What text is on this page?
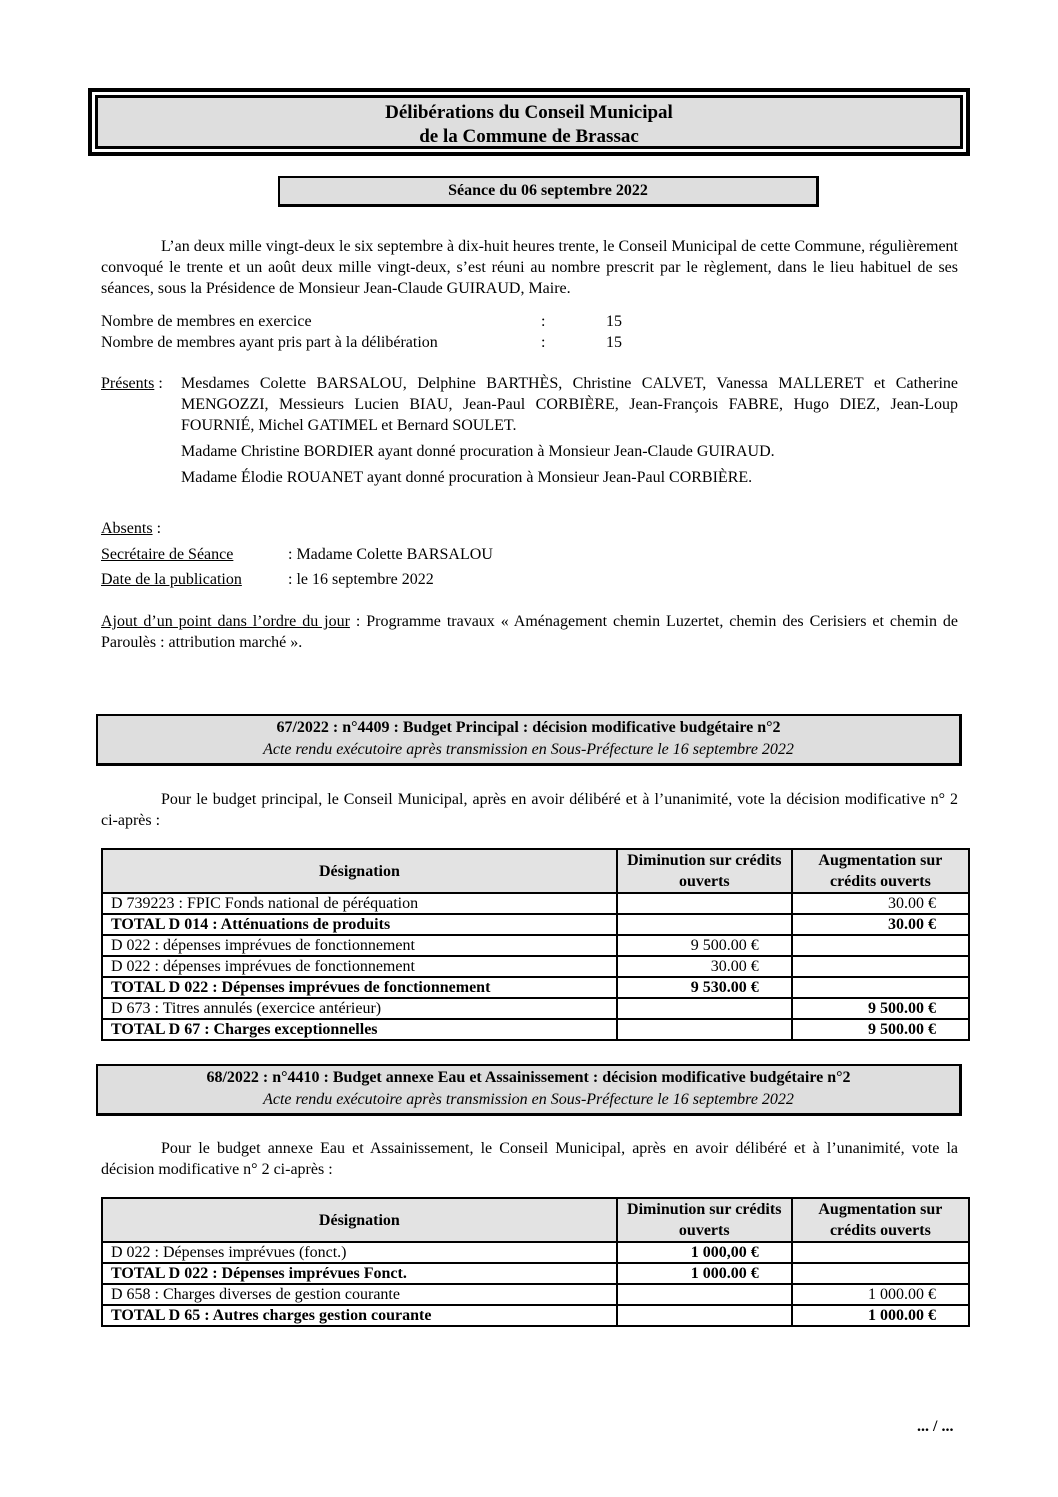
Délibérations du Conseil Municipal
de la Commune de Brassac
Séance du 06 septembre 2022
L’an deux mille vingt-deux le six septembre à dix-huit heures trente, le Conseil Municipal de cette Commune, régulièrement convoqué le trente et un août deux mille vingt-deux, s’est réuni au nombre prescrit par le règlement, dans le lieu habituel de ses séances, sous la Présidence de Monsieur Jean-Claude GUIRAUD, Maire.
Nombre de membres en exercice	:	15
Nombre de membres ayant pris part à la délibération	:	15
Présents : Mesdames Colette BARSALOU, Delphine BARTHÈS, Christine CALVET, Vanessa MALLERET et Catherine MENGOZZI, Messieurs Lucien BIAU, Jean-Paul CORBIÈRE, Jean-François FABRE, Hugo DIEZ, Jean-Loup FOURNIÉ, Michel GATIMEL et Bernard SOULET.
Madame Christine BORDIER ayant donné procuration à Monsieur Jean-Claude GUIRAUD.
Madame Élodie ROUANET ayant donné procuration à Monsieur Jean-Paul CORBIÈRE.
Absents :
Secrétaire de Séance	: Madame Colette BARSALOU
Date de la publication	: le 16 septembre 2022
Ajout d’un point dans l’ordre du jour : Programme travaux « Aménagement chemin Luzertet, chemin des Cerisiers et chemin de Paroulès : attribution marché ».
67/2022 : n°4409 : Budget Principal : décision modificative budgétaire n°2
Acte rendu exécutoire après transmission en Sous-Préfecture le 16 septembre 2022
Pour le budget principal, le Conseil Municipal, après en avoir délibéré et à l’unanimité, vote la décision modificative n° 2 ci-après :
Désignation	Diminution sur crédits ouverts	Augmentation sur crédits ouverts
D 739223 : FPIC Fonds national de péréquation		30.00 €
TOTAL D 014 : Atténuations de produits		30.00 €
D 022 : dépenses imprévues de fonctionnement	9 500.00 €	
D 022 : dépenses imprévues de fonctionnement	30.00 €	
TOTAL D 022 : Dépenses imprévues de fonctionnement	9 530.00 €	
D 673 : Titres annulés (exercice antérieur)		9 500.00 €
TOTAL D 67 : Charges exceptionnelles		9 500.00 €
68/2022 : n°4410 : Budget annexe Eau et Assainissement : décision modificative budgétaire n°2
Acte rendu exécutoire après transmission en Sous-Préfecture le 16 septembre 2022
Pour le budget annexe Eau et Assainissement, le Conseil Municipal, après en avoir délibéré et à l’unanimité, vote la décision modificative n° 2 ci-après :
Désignation	Diminution sur crédits ouverts	Augmentation sur crédits ouverts
D 022 : Dépenses imprévues (fonct.)	1 000,00 €	
TOTAL D 022 : Dépenses imprévues Fonct.	1 000.00 €	
D 658 : Charges diverses de gestion courante		1 000.00 €
TOTAL D 65 : Autres charges gestion courante		1 000.00 €
... / ...
